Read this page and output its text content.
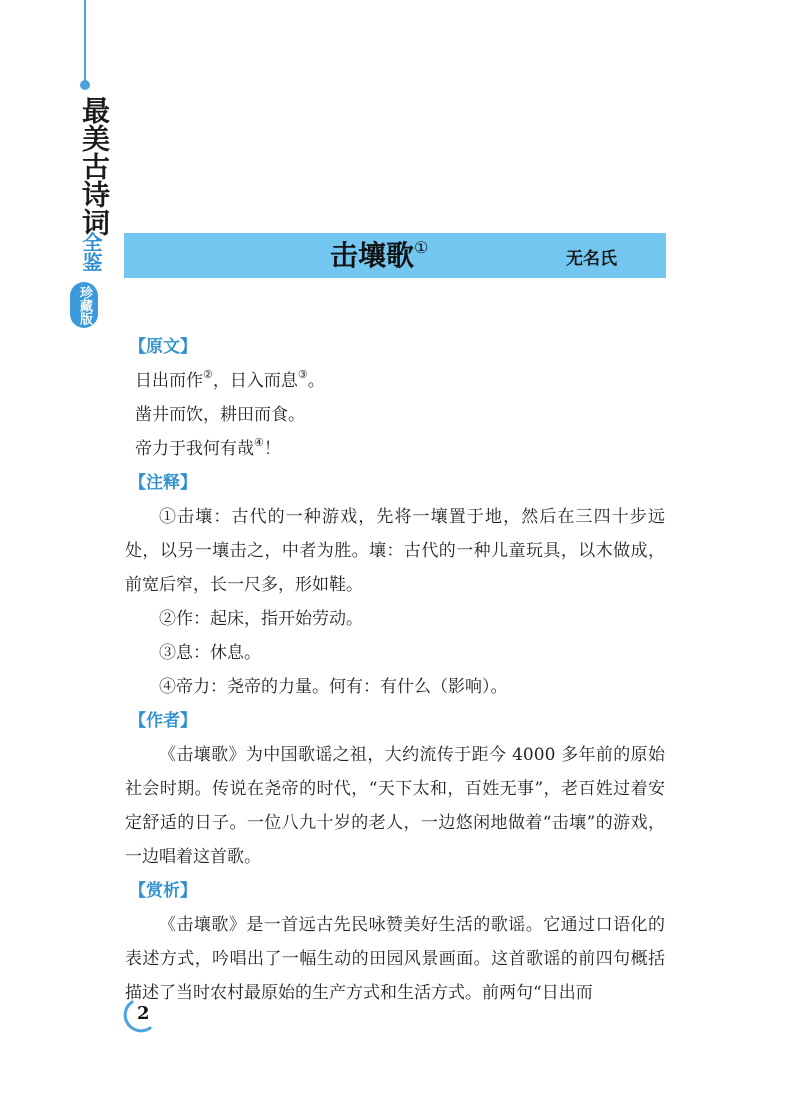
最美古诗词
全鉴
珍藏版
击壤歌①
无名氏
【原文】
日出而作②，日入而息③。
凿井而饮，耕田而食。
帝力于我何有哉④！
【注释】

①击壤：古代的一种游戏，先将一壤置于地，然后在三四十步远处，以另一壤击之，中者为胜。壤：古代的一种儿童玩具，以木做成，前宽后窄，长一尺多，形如鞋。

②作：起床，指开始劳动。

③息：休息。

④帝力：尧帝的力量。何有：有什么（影响）。

【作者】

《击壤歌》为中国歌谣之祖，大约流传于距今 4000 多年前的原始社会时期。传说在尧帝的时代，“天下太和，百姓无事”，老百姓过着安定舒适的日子。一位八九十岁的老人，一边悠闲地做着“击壤”的游戏，一边唱着这首歌。

【赏析】

《击壤歌》是一首远古先民咏赞美好生活的歌谣。它通过口语化的表述方式，吟唱出了一幅生动的田园风景画面。这首歌谣的前四句概括描述了当时农村最原始的生产方式和生活方式。前两句“日出而

2
